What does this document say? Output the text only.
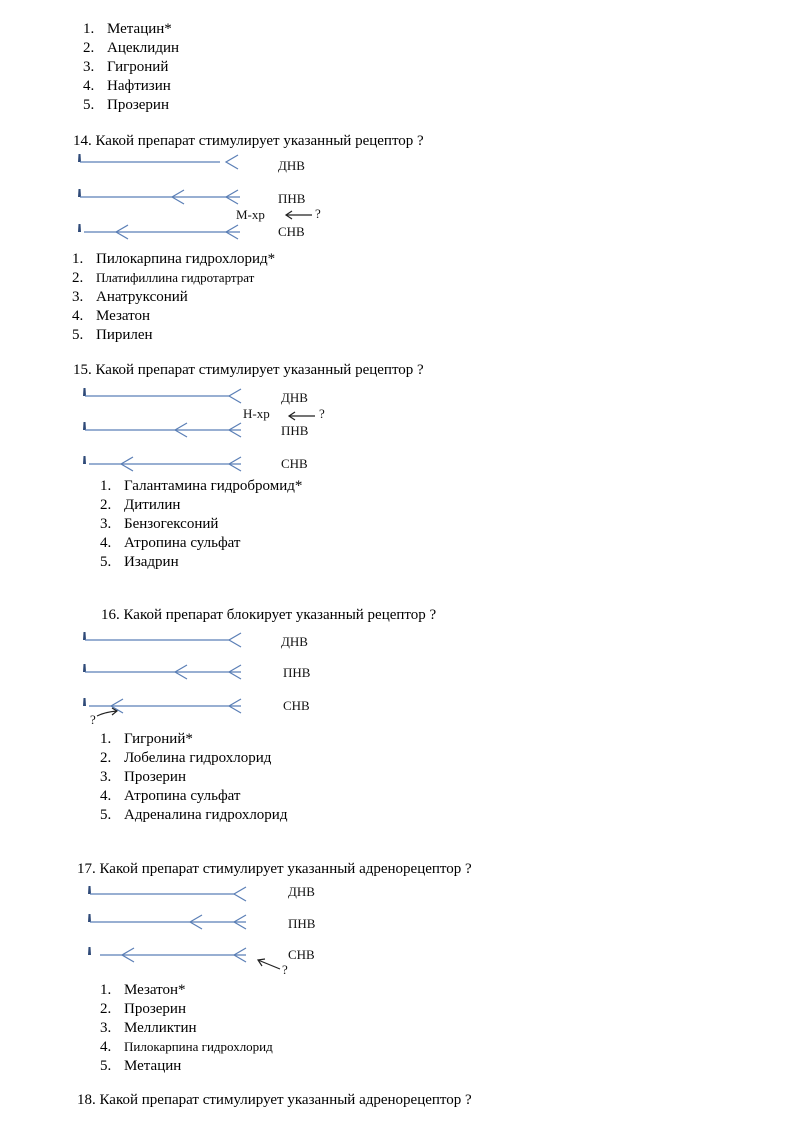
1. Метацин*
2. Ацеклидин
3. Гигроний
4. Нафтизин
5. Прозерин
14. Какой препарат стимулирует указанный рецептор ?
ДНВ
ПНВ
М-хр	?
СНВ
1. Пилокарпина гидрохлорид*
2. Платифиллина гидротартрат
3. Анатруксоний
4. Мезатон
5. Пирилен
15. Какой препарат стимулирует указанный рецептор ?
ДНВ
Н-хр	?
ПНВ
СНВ
1. Галантамина гидробромид*
2. Дитилин
3. Бензогексоний
4. Атропина сульфат
5. Изадрин
16. Какой препарат блокирует указанный рецептор ?
?
ДНВ
ПНВ
СНВ
1. Гигроний*
2. Лобелина гидрохлорид
3. Прозерин
4. Атропина сульфат
5. Адреналина гидрохлорид
17. Какой препарат стимулирует указанный адренорецептор ?
?
ДНВ
ПНВ
СНВ
1. Мезатон*
2. Прозерин
3. Мелликтин
4. Пилокарпина гидрохлорид
5. Метацин
18. Какой препарат стимулирует указанный адренорецептор ?
